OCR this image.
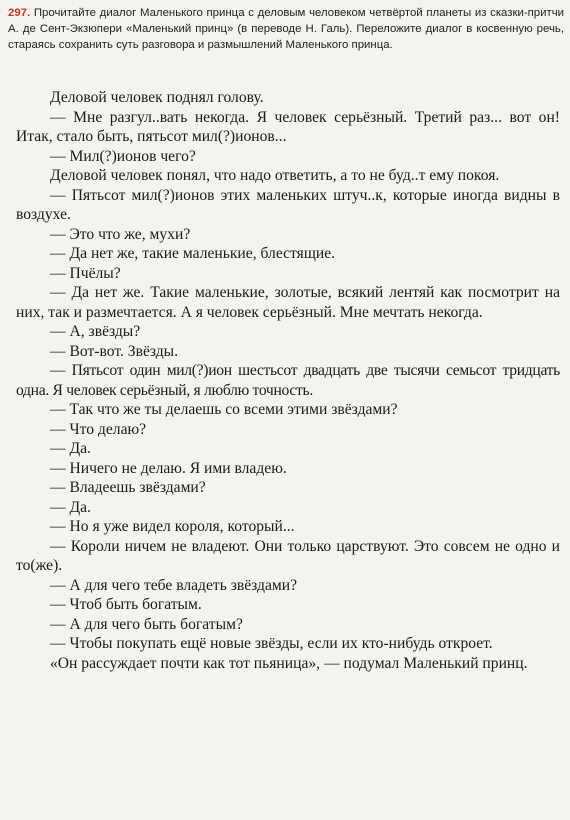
297. Прочитайте диалог Маленького принца с деловым человеком четвёртой планеты из сказки-притчи А. де Сент-Экзюпери «Маленький принц» (в переводе Н. Галь). Переложите диалог в косвенную речь, стараясь сохранить суть разговора и размышлений Маленького принца.

Деловой человек поднял голову.

— Мне разгул..вать некогда. Я человек серьёзный. Третий раз... вот он! Итак, стало быть, пятьсот мил(?)ионов...

— Мил(?)ионов чего?

Деловой человек понял, что надо ответить, а то не буд..т ему покоя.

— Пятьсот мил(?)ионов этих маленьких штуч..к, которые иногда видны в воздухе.

— Это что же, мухи?

— Да нет же, такие маленькие, блестящие.

— Пчёлы?

— Да нет же. Такие маленькие, золотые, всякий лентяй как посмотрит на них, так и размечтается. А я человек серьёзный. Мне мечтать некогда.

— А, звёзды?

— Вот-вот. Звёзды.

— Пятьсот один мил(?)ион шестьсот двадцать две тысячи семьсот тридцать одна. Я человек серьёзный, я люблю точность.

— Так что же ты делаешь со всеми этими звёздами?

— Что делаю?

— Да.

— Ничего не делаю. Я ими владею.

— Владеешь звёздами?

— Да.

— Но я уже видел короля, который...

— Короли ничем не владеют. Они только царствуют. Это совсем не одно и то(же).

— А для чего тебе владеть звёздами?

— Чтоб быть богатым.

— А для чего быть богатым?

— Чтобы покупать ещё новые звёзды, если их кто-нибудь откроет.

«Он рассуждает почти как тот пьяница», — подумал Маленький принц.
